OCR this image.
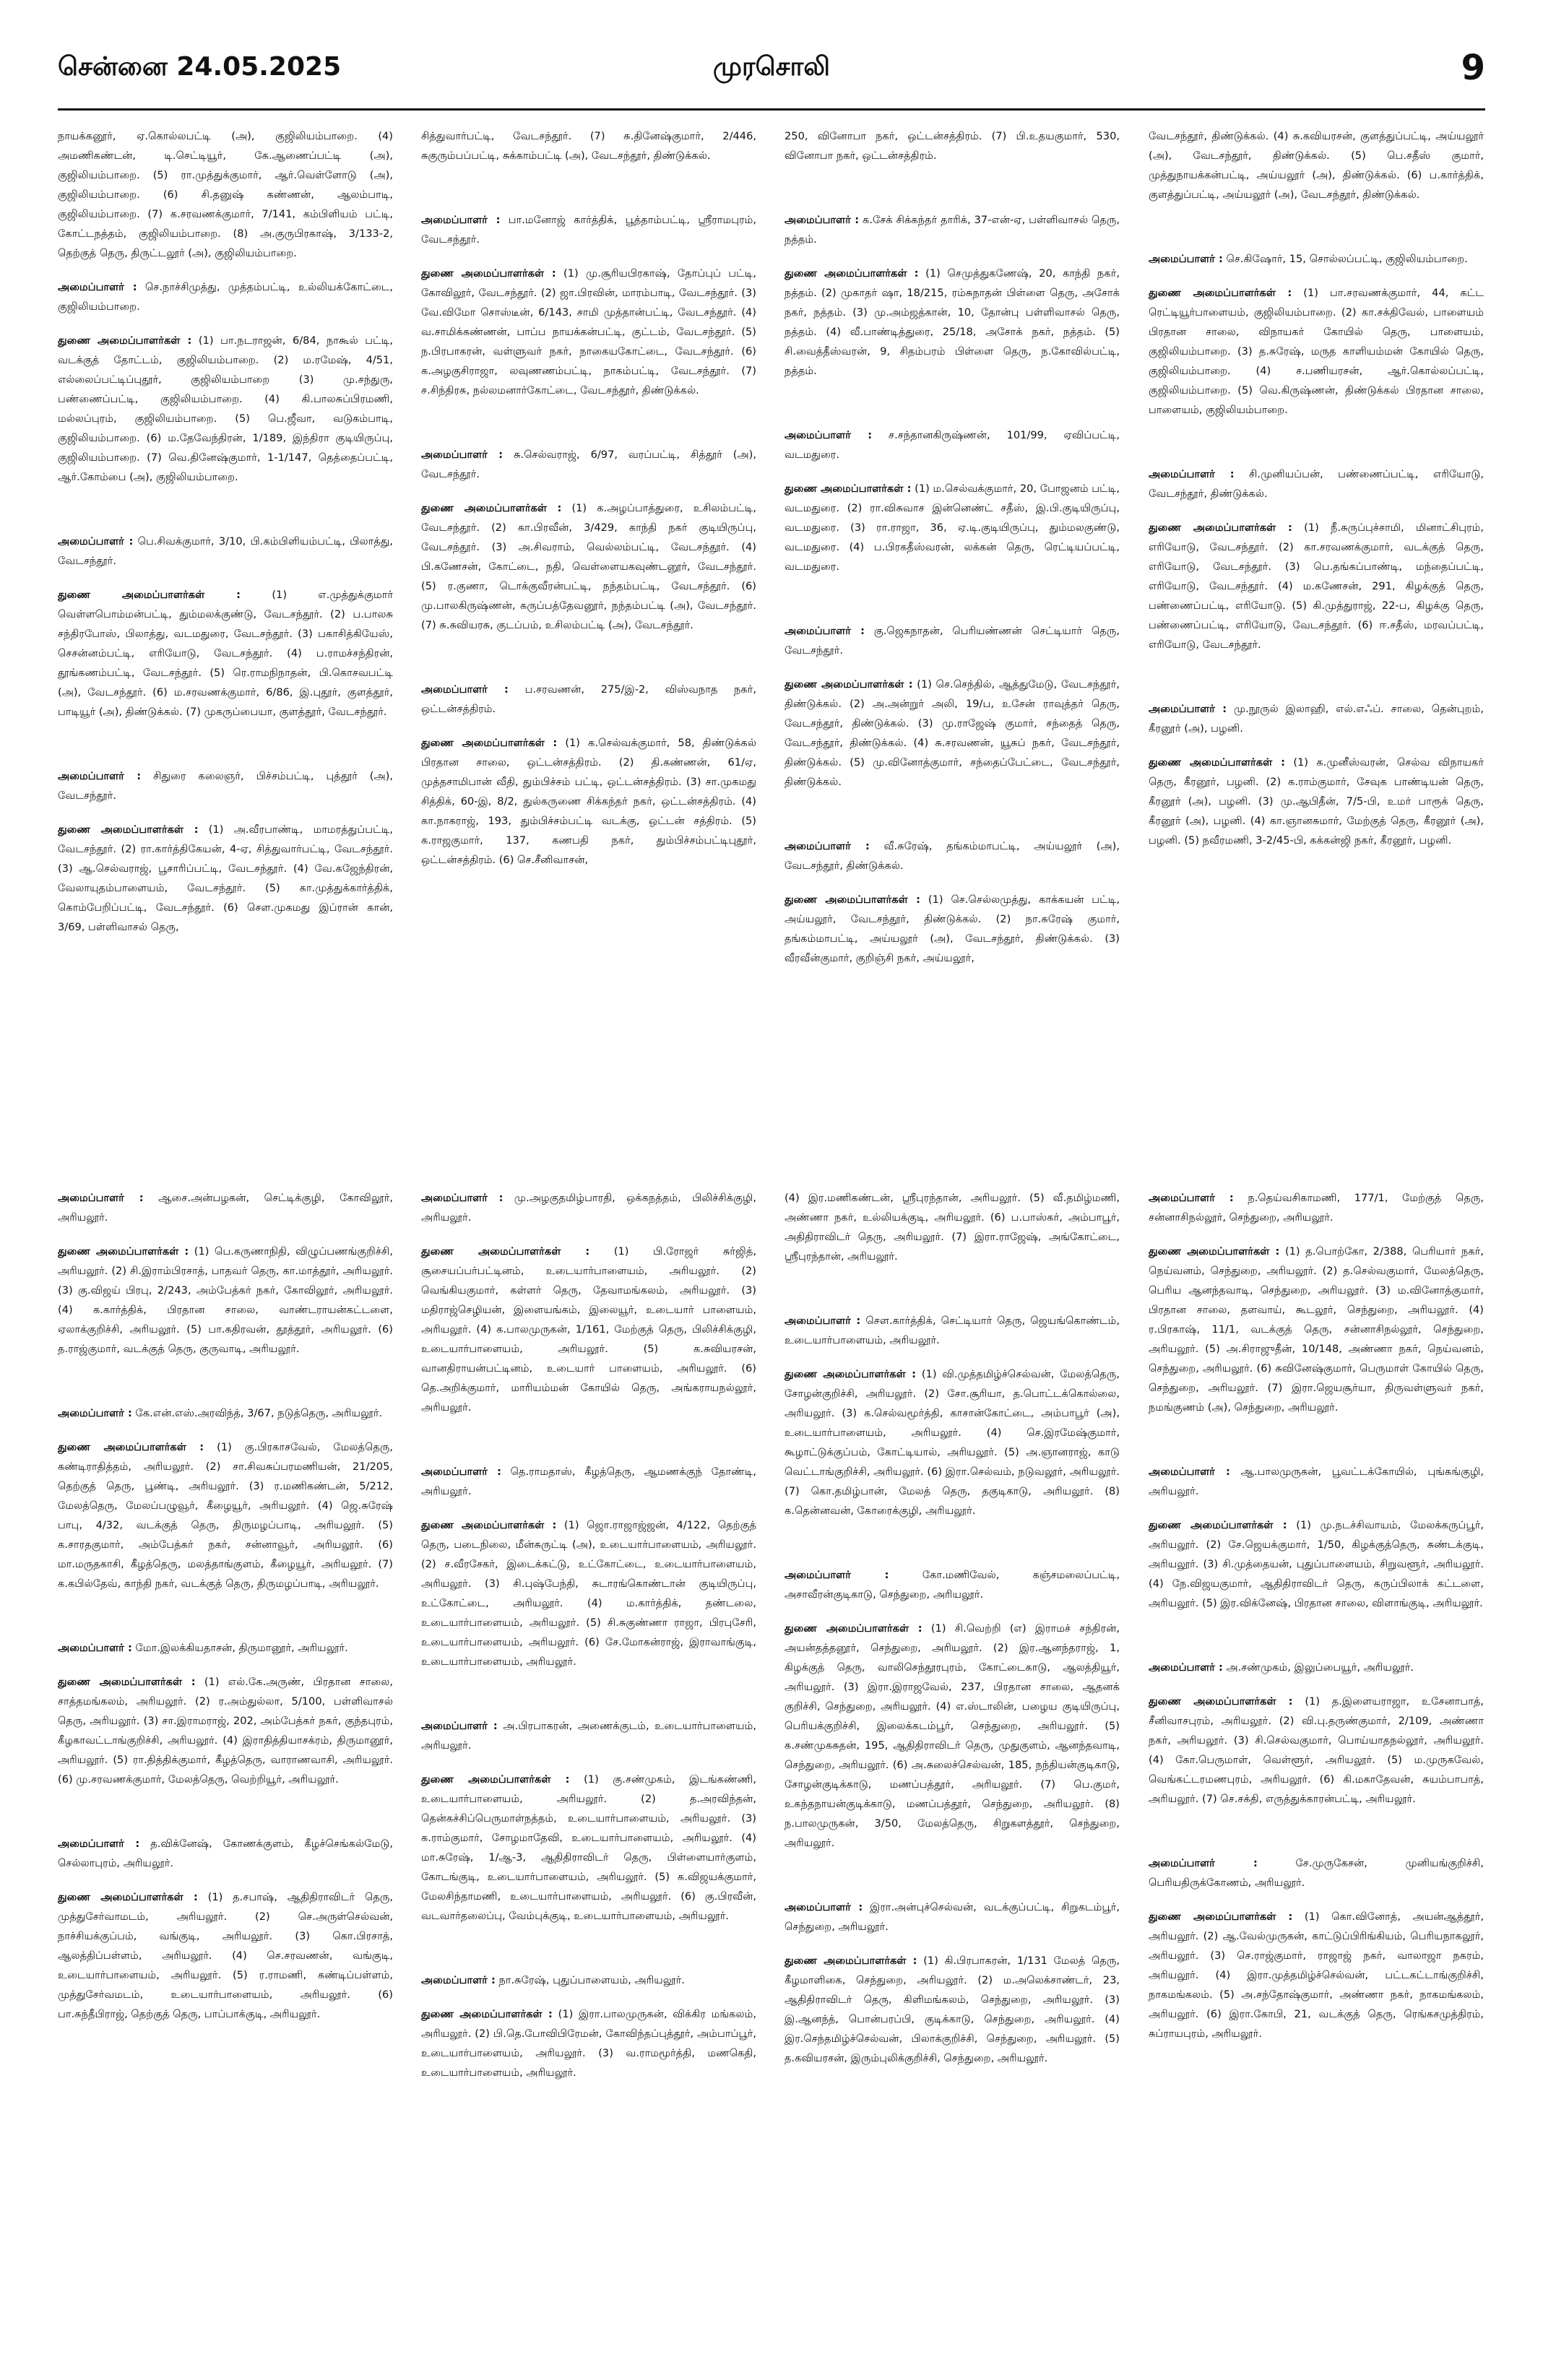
சென்னை 24.05.2025	முரசொலி	9

நாயக்கனூர், ஏ.கொல்லபட்டி (அ), குஜிலியம்பாறை. (4) அமணிகண்டன், டி.செட்டியூர், கே.ஆணைப்பட்டி (அ), குஜிலியம்பாறை. (5) ரா.முத்துக்குமார், ஆர்.வெள்ளோடு (அ), குஜிலியம்பாறை. (6) சி.தனுஷ் கண்ணன், ஆலம்பாடி, குஜிலியம்பாறை. (7) க.சரவணக்குமார், 7/141, கம்பிளியம் பட்டி, கோட்டநத்தம், குஜிலியம்பாறை. (8) அ.குருபிரகாஷ், 3/133-2, தெற்குத் தெரு, திருட்டலூர் (அ), குஜிலியம்பாறை.

அமைப்பாளர் : செ.நாச்சிமுத்து, முத்தம்பட்டி, உல்லியக்கோட்டை, குஜிலியம்பாறை.

துணை அமைப்பாளர்கள் : (1) பா.நடராஜன், 6/84, நாகூல் பட்டி, வடக்குத் தோட்டம், குஜிலியம்பாறை. (2) ம.ரமேஷ், 4/51, எல்லைப்பட்டிப்புதூர், குஜிலியம்பாறை (3) மு.சந்துரு, பண்ணைப்பட்டி, குஜிலியம்பாறை. (4) கி.பாலசுப்பிரமணி, மல்லப்புரம், குஜிலியம்பாறை. (5) பெ.ஜீவா, வடுகம்பாடி, குஜிலியம்பாறை. (6) ம.தேவேந்திரன், 1/189, இந்திரா குடியிருப்பு, குஜிலியம்பாறை. (7) வெ.தினேஷ்குமார், 1-1/147, தெத்தைப்பட்டி, ஆர்.கோம்பை (அ), குஜிலியம்பாறை.

அமைப்பாளர் : பெ.சிவக்குமார், 3/10, பி.கம்பிளியம்பட்டி, பிலாத்து, வேடசந்தூர்.

துணை அமைப்பாளர்கள் :	(1) எ.முத்துக்குமார் வெள்ளபொம்மன்பட்டி, தும்மலக்குண்டு, வேடசந்தூர். (2) ப.பாலசு சந்திரபோஸ், பிலாத்து, வடமதுரை, வேடசந்தூர். (3) பகாசித்கியேஸ், செசன்னம்பட்டி, எரியோடு, வேடசந்தூர். (4) ப.ராமச்சந்திரன், தூங்கணம்பட்டி, வேடசந்தூர். (5) ரெ.ராமநிநாதன், பி.கொசவபட்டி (அ), வேடசந்தூர். (6) ம.சரவணக்குமார், 6/86, இ.புதூர், குளத்தூர், பாடியூர் (அ), திண்டுக்கல். (7) முகருப்பையா, குளத்தூர், வேடசந்தூர்.

அமைப்பாளர் : சிதுரை கலைஞர், பிச்சம்பட்டி, புத்தூர் (அ), வேடசந்தூர்.

துணை அமைப்பாளர்கள் : (1) அ.வீரபாண்டி, மாமரத்துப்பட்டி, வேடசந்தூர். (2) ரா.கார்த்திகேயன், 4-ஏ, சித்துவார்பட்டி, வேடசந்தூர். (3) ஆ.செல்வராஜ், பூசாரிப்பட்டி, வேடசந்தூர். (4) வே.கஜேந்திரன், வேலாயுதம்பாளையம், வேடசந்தூர். (5) கா.முத்துக்கார்த்திக், கொம்பேறிப்பட்டி, வேடசந்தூர். (6) சௌ.முகமது இப்ரான் கான், 3/69, பள்ளிவாசல் தெரு,

சித்துவார்பட்டி, வேடசந்தூர். (7) சு.தினேஷ்குமார், 2/446, சுகுரும்பப்பட்டி, சுக்காம்பட்டி (அ), வேடசந்தூர், திண்டுக்கல்.

அமைப்பாளர் : பா.மனோஜ் கார்த்திக், பூத்தாம்பட்டி, ஸ்ரீராமபுரம், வேடசந்தூர்.

துணை அமைப்பாளர்கள் : (1) மு.சூரியபிரகாஷ், தோப்புப் பட்டி, கோவிலூர், வேடசந்தூர். (2) ஜா.பிரவின், மாரம்பாடி, வேடசந்தூர். (3) வே.விமோ சொஸ்டீன், 6/143, சாமி முத்தான்பட்டி, வேடசந்தூர். (4) வ.சாமிக்கண்ணன், பாப்ப நாயக்கன்பட்டி, குட்டம், வேடசந்தூர். (5) ந.பிரபாகரன், வள்ளுவர் நகர், நாகையகோட்டை, வேடசந்தூர். (6) க.அழகுசிராஜா, லவுணணம்பட்டி, நாகம்பட்டி, வேடசந்தூர். (7) ச.சிந்திரசு, நல்லமனார்கோட்டை, வேடசந்தூர், திண்டுக்கல்.

அமைப்பாளர் : சு.செல்வராஜ், 6/97, வரப்பட்டி, சித்தூர் (அ), வேடசந்தூர்.

துணை அமைப்பாளர்கள் : (1) க.அழப்பாத்துரை, உசிலம்பட்டி, வேடசந்தூர். (2) கா.பிரவீன், 3/429, காந்தி நகர் குடியிருப்பு, வேடசந்தூர். (3) அ.சிவராம், வெல்லம்பட்டி, வேடசந்தூர். (4) பி.கணேசன், கோட்டை, நதி, வெள்ளையகவுண்டனூர், வேடசந்தூர். (5) ர.குணா, டொக்குவீரன்பட்டி, நந்தம்பட்டி, வேடசந்தூர். (6) மு.பாலகிருஷ்ணன், கருப்பத்தேவனூர், நந்தம்பட்டி (அ), வேடசந்தூர். (7) சு.சுவியரசு, குடப்பம், உசிலம்பட்டி (அ), வேடசந்தூர்.

அமைப்பாளர் : ப.சரவணன், 275/இ-2, விஸ்வநாத நகர், ஒட்டன்சத்திரம்.

துணை அமைப்பாளர்கள் : (1) க.செல்வக்குமார், 58, திண்டுக்கல் பிரதான சாலை, ஒட்டன்சத்திரம். (2) தி.கண்ணன், 61/ஏ, முத்தசாமிபான் வீதி, தும்பிச்சம் பட்டி, ஒட்டன்சத்திரம். (3) சா.முகமது சித்திக், 60-இ, 8/2, துல்கருணை சிக்கந்தர் நகர், ஒட்டன்சத்திரம். (4) கா.நாகராஜ், 193, தும்பிச்சம்பட்டி வடக்கு, ஒட்டன் சத்திரம். (5) க.ராஜகுமார், 137, கணபதி நகர், தும்பிச்சம்பட்டிபுதூர், ஒட்டன்சத்திரம். (6) செ.சீனிவாசன்,

250, வினோபா நகர், ஒட்டன்சத்திரம். (7) பி.உதயகுமார், 530, வினோபா நகர், ஒட்டன்சத்திரம்.

அமைப்பாளர் : க.சேக் சிக்கந்தர் தாரிக், 37-என்-ஏ, பள்ளிவாசல் தெரு, நத்தம்.

துணை அமைப்பாளர்கள் : (1) செமுத்துகணேஷ், 20, காந்தி நகர், நத்தம். (2) முகாதர் ஷா, 18/215, ரம்சுநாதன் பிள்ளை தெரு, அசோக் நகர், நத்தம். (3) மு.அம்ஜத்கான், 10, தோன்பு பள்ளிவாசல் தெரு, நத்தம். (4) வீ.பாண்டித்துரை, 25/18, அசோக் நகர், நத்தம். (5) சி.வைத்தீஸ்வரன், 9, சிதம்பரம் பிள்ளை தெரு, ந.கோவில்பட்டி, நத்தம்.

அமைப்பாளர் : ச.சந்தானகிருஷ்ணன், 101/99, ஏவிப்பட்டி, வடமதுரை.

துணை அமைப்பாளர்கள் : (1) ம.செல்வக்குமார், 20, போஜனம் பட்டி, வடமதுரை. (2) ரா.விசுவாச இன்னெண்ட் சதீஸ், இ.பி.குடியிருப்பு, வடமதுரை. (3) ரா.ராஜா, 36, ஏ.டி.குடியிருப்பு, தும்மலகுண்டு, வடமதுரை. (4) ப.பிரகதீஸ்வரன், லக்கன் தெரு, ரெட்டியப்பட்டி, வடமதுரை.

அமைப்பாளர் : கு.ஜெகநாதன், பெரியண்ணன் செட்டியார் தெரு, வேடசந்தூர்.

துணை அமைப்பாளர்கள் : (1) செ.செந்தில், ஆத்துமேடு, வேடசந்தூர், திண்டுக்கல். (2) அ.அன்றுர் அலி, 19/ப, உசேன் ராவுத்தர் தெரு, வேடசந்தூர், திண்டுக்கல். (3) மு.ராஜேஷ் குமார், சந்தைத் தெரு, வேடசந்தூர், திண்டுக்கல். (4) சு.சரவணன், யூசுப் நகர், வேடசந்தூர், திண்டுக்கல். (5) மு.வினோத்குமார், சந்தைப்பேட்டை, வேடசந்தூர், திண்டுக்கல்.

அமைப்பாளர் : வீ.சுரேஷ், தங்கம்மாபட்டி, அய்யலூர் (அ), வேடசந்தூர், திண்டுக்கல்.

துணை அமைப்பாளர்கள் : (1) செ.செல்லமுத்து, காக்கயன் பட்டி, அய்யலூர், வேடசந்தூர், திண்டுக்கல். (2) நா.சுரேஷ் குமார், தங்கம்மாபட்டி, அய்யலூர் (அ), வேடசந்தூர், திண்டுக்கல். (3) வீரவீன்குமார், குறிஞ்சி நகர், அய்யலூர்,

வேடசந்தூர், திண்டுக்கல். (4) சு.கவியரசன், குளத்துப்பட்டி, அய்யலூர் (அ), வேடசந்தூர், திண்டுக்கல். (5) பெ.சதீஸ் குமார், முத்துநாயக்கன்பட்டி, அய்யலூர் (அ), திண்டுக்கல். (6) ப.கார்த்திக், குளத்துப்பட்டி, அய்யலூர் (அ), வேடசந்தூர், திண்டுக்கல்.

அமைப்பாளர் : செ.கிஷோர், 15, சொல்லப்பட்டி, குஜிலியம்பாறை.

துணை அமைப்பாளர்கள் : (1) பா.சரவணக்குமார், 44, கட்ட ரெட்டியூர்பாளையம், குஜிலியம்பாறை. (2) கா.சக்திவேல், பாளையம் பிரதான சாலை, விநாயகர் கோயில் தெரு, பாளையம், குஜிலியம்பாறை. (3) த.சுரேஷ், மருத காளியம்மன் கோயில் தெரு, குஜிலியம்பாறை. (4) ச.பணியரசன், ஆர்.கொல்லப்பட்டி, குஜிலியம்பாறை. (5) வெ.கிருஷ்ணன், திண்டுக்கல் பிரதான சாலை, பாளையம், குஜிலியம்பாறை.

அமைப்பாளர் : சி.முனியப்பன், பண்ணைப்பட்டி, எரியோடு, வேடசந்தூர், திண்டுக்கல்.

துணை அமைப்பாளர்கள் : (1) நீ.சுருப்புச்சாமி, மினாட்சிபுரம், எரியோடு, வேடசந்தூர். (2) கா.சரவணக்குமார், வடக்குத் தெரு, எரியோடு, வேடசந்தூர். (3) பெ.தங்கப்பாண்டி, மந்தைப்பட்டி, எரியோடு, வேடசந்தூர். (4) ம.கணேசன், 291, கிழக்குத் தெரு, பண்ணைப்பட்டி, எரியோடு. (5) கி.முத்துராஜ், 22-ப, கிழக்கு தெரு, பண்ணைப்பட்டி, எரியோடு, வேடசந்தூர். (6) ஈ.சதீஸ், மரவப்பட்டி, எரியோடு, வேடசந்தூர்.

அமைப்பாளர் : மு.நூருல் இலாஹி, எல்.எஃப். சாலை, தென்புறம், கீரனூர் (அ), பழனி.

துணை அமைப்பாளர்கள் : (1) க.முனீஸ்வரன், செல்வ விநாயகர் தெரு, கீரனூர், பழனி. (2) க.ராம்குமார், சேவுக பாண்டியன் தெரு, கீரனூர் (அ), பழனி. (3) மு.ஆபிதீன், 7/5-பி, உமர் பாரூக் தெரு, கீரனூர் (அ), பழனி. (4) கா.ஞானசுமார், மேற்குத் தெரு, கீரனூர் (அ), பழனி. (5) நவீரமணி, 3-2/45-பி, கக்கன்ஜி நகர், கீரனூர், பழனி.

அமைப்பாளர் : ஆசை.அன்பழகன், செட்டிக்குழி, கோவிலூர், அரியலூர்.

துணை அமைப்பாளர்கள் : (1) பெ.கருணாநிதி, விழுப்பணங்குறிச்சி, அரியலூர். (2) சி.இராம்பிரசாத், பாதவர் தெரு, கா.மாத்தூர், அரியலூர். (3) கு.விஜய் பிரபு, 2/243, அம்பேத்கர் நகர், கோவிலூர், அரியலூர். (4) க.கார்த்திக், பிரதான சாலை, வாண்டராயன்கட்டளை, ஏலாக்குறிச்சி, அரியலூர். (5) பா.கதிரவன், தூத்தூர், அரியலூர். (6) த.ராஜ்குமார், வடக்குத் தெரு, குருவாடி, அரியலூர்.

அமைப்பாளர் : கே.என்.எஸ்.அரவிந்த், 3/67, நடுத்தெரு, அரியலூர்.

துணை அமைப்பாளர்கள் : (1) கு.பிரகாசவேல், மேலத்தெரு, கண்டிராதித்தம், அரியலூர். (2) சா.சிவசுப்பரமணியன், 21/205, தெற்குத் தெரு, பூண்டி, அரியலூர். (3) ர.மணிகண்டன், 5/212, மேலத்தெரு, மேலப்பழுவூர், கீழையூர், அரியலூர். (4) ஜெ.சுரேஷ் பாபு, 4/32, வடக்குத் தெரு, திருமழப்பாடி, அரியலூர். (5) க.சாரதகுமார், அம்பேத்கர் நகர், சன்னாவூர், அரியலூர். (6) மா.மருதகாசி, கீழத்தெரு, மலத்தாங்குளம், கீழையூர், அரியலூர். (7) க.கபில்தேவ், காந்தி நகர், வடக்குத் தெரு, திருமழப்பாடி, அரியலூர்.

அமைப்பாளர் : மோ.இலக்கியதாசன், திருமானூர், அரியலூர்.

துணை அமைப்பாளர்கள் : (1) எல்.கே.அருண், பிரதான சாலை, சாத்தமங்கலம், அரியலூர். (2) ர.அம்துல்லா, 5/100, பள்ளிவாசல் தெரு, அரியலூர். (3) சா.இராமராஜ், 202, அம்பேத்கர் நகர், குந்தபுரம், கீழகாவட்டாங்குறிச்சி, அரியலூர். (4) இராதித்தியாசக்ரம், திருமானூர், அரியலூர். (5) ரா.தித்திக்குமார், கீழத்தெரு, வாராணவாசி, அரியலூர். (6) மு.சரவணக்குமார், மேலத்தெரு, வெற்றியூர், அரியலூர்.

அமைப்பாளர் : த.விக்னேஷ், கோணக்குளம், கீழச்செங்கல்மேடு, செல்லாபுரம், அரியலூர்.

துணை அமைப்பாளர்கள் : (1) த.சபாஷ், ஆதிதிராவிடர் தெரு, முத்துசேர்வாமடம், அரியலூர். (2) செ.அருள்செல்வன், நாச்சியக்குப்பம், வங்குடி, அரியலூர். (3) கொ.பிரசாத், ஆலத்திப்பள்ளம், அரியலூர். (4) செ.சரவணன், வங்குடி, உடையார்பாளையம், அரியலூர். (5) ர.ராமணி, கண்டிப்பள்ளம், முத்துசேர்வமடம், உடையார்பாளையம், அரியலூர். (6) பா.சுந்தீபிராஜ், தெற்குத் தெரு, பாப்பாக்குடி, அரியலூர்.

அமைப்பாளர் : மு.அழகுதமிழ்பாரதி, ஒக்கநத்தம், பிலிச்சிக்குழி, அரியலூர்.

துணை அமைப்பாளர்கள் : (1) பி.ரோஜர் சுர்ஜித், சூசையப்பர்பட்டினம், உடையார்பாளையம், அரியலூர். (2) வெங்கியகுமார், கள்ளர் தெரு, தேவாமங்கலம், அரியலூர். (3) மதிராஜ்செழியன், இளையங்கம், இலையூர், உடையார் பாளையம், அரியலூர். (4) க.பாலமுருகன், 1/161, மேற்குத் தெரு, பிலிச்சிக்குழி, உடையார்பாளையம், அரியலூர். (5) க.சுவியரசன், வானதிராயன்பட்டினம், உடையார் பாளையம், அரியலூர். (6) தெ.அறிக்குமார், மாரியம்மன் கோயில் தெரு, அங்கராயநல்லூர், அரியலூர்.

அமைப்பாளர் : தெ.ராமதாஸ், கீழத்தெரு, ஆமணக்குந் தோண்டி, அரியலூர்.

துணை அமைப்பாளர்கள் : (1) ஜொ.ராஜாஜ்ஜன், 4/122, தெற்குத் தெரு, படைநிலை, மீன்சுருட்டி (அ), உடையார்பாளையம், அரியலூர். (2) ச.வீரசேகர், இடைக்கட்டு, உட்கோட்டை, உடையார்பாளையம், அரியலூர். (3) சி.புஷ்பேந்தி, சுடாரங்கொண்டான் குடியிருப்பு, உட்கோட்டை, அரியலூர். (4) ம.கார்த்திக், தண்டலை, உடையார்பாளையம், அரியலூர். (5) சி.சுகுண்ணா ராஜா, பிரபுசேரி, உடையார்பாளையம், அரியலூர். (6) சே.மோகன்ராஜ், இராவாங்குடி, உடையார்பாளையம், அரியலூர்.

அமைப்பாளர் : அ.பிரபாகரன், அணைக்குடம், உடையார்பாளையம், அரியலூர்.

துணை அமைப்பாளர்கள் : (1) கு.சண்முகம், இடங்கண்ணி, உடையார்பாளையம், அரியலூர். (2) த.அரவிந்தன், தென்கச்சிப்பெருமாள்நத்தம், உடையார்பாளையம், அரியலூர். (3) க.ராம்குமார், சோழமாதேவி, உடையார்பாளையம், அரியலூர். (4) மா.சுரேஷ், 1/ஆ-3, ஆதிதிராவிடர் தெரு, பிள்ளையார்குளம், கோடங்குடி, உடையார்பாளையம், அரியலூர். (5) க.விஜயக்குமார், மேலசிந்தாமணி, உடையார்பாளையம், அரியலூர். (6) கு.பிரவீன், வடவார்தலைப்பு, வேம்புக்குடி, உடையார்பாளையம், அரியலூர்.

அமைப்பாளர் : நா.சுரேஷ், புதுப்பாளையம், அரியலூர்.

துணை அமைப்பாளர்கள் : (1) இரா.பாலமுருகன், விக்கிர மங்கலம், அரியலூர். (2) பி.தெ.போவிபிரேமன், கோவிந்தப்புத்தூர், அம்பாப்பூர், உடையார்பாளையம், அரியலூர். (3) வ.ராமமூர்த்தி, மணகெதி, உடையார்பாளையம், அரியலூர்.

(4) இர.மணிகண்டன், ஸ்ரீபுரந்தான், அரியலூர். (5) வீ.தமிழ்மணி, அண்ணா நகர், உல்லியக்குடி, அரியலூர். (6) ப.பாஸ்கர், அம்பாபூர், அதிதிராவிடர் தெரு, அரியலூர். (7) இரா.ராஜேஷ், அங்கோட்டை, ஸ்ரீபுரந்தான், அரியலூர்.

அமைப்பாளர் : செள.கார்த்திக், செட்டியார் தெரு, ஜெயங்கொண்டம், உடையார்பாளையம், அரியலூர்.

துணை அமைப்பாளர்கள் : (1) வி.முத்தமிழ்ச்செல்வன், மேலத்தெரு, சோழன்குறிச்சி, அரியலூர். (2) சோ.சூரியா, த.பொட்டக்கொல்லை, அரியலூர். (3) க.செல்வமூர்த்தி, காசான்கோட்டை, அம்பாபூர் (அ), உடையார்பாளையம், அரியலூர். (4) செ.இரமேஷ்குமார், கூழாட்டுக்குப்பம், கோட்டியால், அரியலூர். (5) அ.ஞானராஜ், காடு வெட்டாங்குறிச்சி, அரியலூர். (6) இரா.செல்வம், நடுவலூர், அரியலூர். (7) கொ.தமிழ்பான், மேலத் தெரு, தகுடிகாடு, அரியலூர். (8) க.தென்னவன், கோரைக்குழி, அரியலூர்.

அமைப்பாளர் :	கோ.மணிவேல், கஞ்சமலைப்பட்டி, அசாவீரன்குடிகாடு, செந்துறை, அரியலூர்.

துணை அமைப்பாளர்கள் : (1) சி.வெற்றி (எ) இராமச் சந்திரன், அயன்தத்தனூர், செந்துறை, அரியலூர். (2) இர.ஆனந்தராஜ், 1, கிழக்குத் தெரு, வாலிசெந்தூரபுரம், கோட்டைகாடு, ஆலத்தியூர், அரியலூர். (3) இரா.இராஜவேல், 237, பிரதான சாலை, ஆதனக் குறிச்சி, செந்துறை, அரியலூர். (4) எ.ஸ்டாலின், பழைய குடியிருப்பு, பெரியக்குறிச்சி, இலைக்கடம்பூர், செந்துறை, அரியலூர். (5) க.சண்முகசுதன், 195, ஆதிதிராவிடர் தெரு, முதுகுளம், ஆனந்தவாடி, செந்துறை, அரியலூர். (6) அ.சுலைச்செல்வன், 185, நந்தியன்குடிகாடு, சோழன்குடிக்காடு, மணப்பத்தூர், அரியலூர். (7) பெ.குமர், உகந்தநாயன்குடிக்காடு, மணப்பத்தூர், செந்துறை, அரியலூர். (8) ந.பாலமுருகன், 3/50, மேலத்தெரு, சிறுகளத்தூர், செந்துறை, அரியலூர்.

அமைப்பாளர் : இரா.அன்புச்செல்வன், வடக்குப்பட்டி, சிறுகடம்பூர், செந்துறை, அரியலூர்.

துணை அமைப்பாளர்கள் : (1) கி.பிரபாகரன், 1/131 மேலத் தெரு, கீழமாளிகை, செந்துறை, அரியலூர். (2) ம.அலெக்சாண்டர், 23, ஆதிதிராவிடர் தெரு, கிளிமங்கலம், செந்துறை, அரியலூர். (3) இ.ஆனந்த், பொன்பரப்பி, குடிக்காடு, செந்துறை, அரியலூர். (4) இர.செந்தமிழ்ச்செல்வன், பிலாக்குறிச்சி, செந்துறை, அரியலூர். (5) த.கவியரசன், இரும்புலிக்குறிச்சி, செந்துறை, அரியலூர்.

அமைப்பாளர் : ந.தெய்வசிகாமணி, 177/1, மேற்குத் தெரு, சன்னாசிநல்லூர், செந்துறை, அரியலூர்.

துணை அமைப்பாளர்கள் : (1) த.பொற்கோ, 2/388, பெரியார் நகர், நெய்வனம், செந்துறை, அரியலூர். (2) த.செல்வகுமார், மேலத்தெரு, பெரிய ஆனந்தவாடி, செந்துறை, அரியலூர். (3) ம.வினோத்குமார், பிரதான சாலை, தளவாய், கூடலூர், செந்துறை, அரியலூர். (4) ர.பிரகாஷ், 11/1, வடக்குத் தெரு, சன்னாசிநல்லூர், செந்துறை, அரியலூர். (5) அ.சிராஜுதீன், 10/148, அண்ணா நகர், நெய்வனம், செந்துறை, அரியலூர். (6) சுவினேஷ்குமார், பெருமாள் கோயில் தெரு, செந்துறை, அரியலூர். (7) இரா.ஜெயசூர்யா, திருவள்ளுவர் நகர், நமங்குணம் (அ), செந்துறை, அரியலூர்.

அமைப்பாளர் : ஆ.பாலமுருகன், பூவட்டக்கோயில், புங்கங்குழி, அரியலூர்.

துணை அமைப்பாளர்கள் : (1) மு.நடச்சிவாயம், மேலக்கருப்பூர், அரியலூர். (2) சே.ஜெயக்குமார், 1/50, கிழக்குத்தெரு, சுண்டக்குடி, அரியலூர். (3) சி.முத்தையன், புதுப்பாளையம், சிறுவளூர், அரியலூர். (4) நே.விஜயகுமார், ஆதிதிராவிடர் தெரு, கருப்பிலாக் கட்டளை, அரியலூர். (5) இர.விக்னேஷ், பிரதான சாலை, விளாங்குடி, அரியலூர்.

அமைப்பாளர் : அ.சண்முகம், இலுப்பையூர், அரியலூர்.

துணை அமைப்பாளர்கள் : (1) த.இளையராஜா, உசேனாபாத், சீனிவாசபுரம், அரியலூர். (2) வி.பு.தருண்குமார், 2/109, அண்ணா நகர், அரியலூர். (3) சி.செல்வகுமார், பொய்யாதநல்லூர், அரியலூர். (4) கோ.பெருமாள், வெள்ளூர், அரியலூர். (5) ம.முருகவேல், வெங்கட்டரமணபுரம், அரியலூர். (6) கி.மகாதேவன், சுயம்பாபாத், அரியலூர். (7) செ.சக்தி, எருத்துக்காரன்பட்டி, அரியலூர்.

அமைப்பாளர் :	சே.முருகேசன், முனியங்குறிச்சி, பெரியதிருக்கோணம், அரியலூர்.

துணை அமைப்பாளர்கள் : (1) கொ.வினோத், அயன்ஆத்தூர், அரியலூர். (2) ஆ.வேல்முருகன், காட்டுப்பிரிங்கியம், பெரியநாகலூர், அரியலூர். (3) செ.ராஜ்குமார், ராஜாஜ் நகர், வாலாஜா நகரம், அரியலூர். (4) இரா.முத்தமிழ்ச்செல்வன், பட்டகட்டாங்குறிச்சி, நாகமங்கலம். (5) அ.சந்தோஷ்குமார், அண்ணா நகர், நாகமங்கலம், அரியலூர். (6) இரா.கோபி, 21, வடக்குத் தெரு, ரெங்கசமுத்திரம், சுப்ராயபுரம், அரியலூர்.
